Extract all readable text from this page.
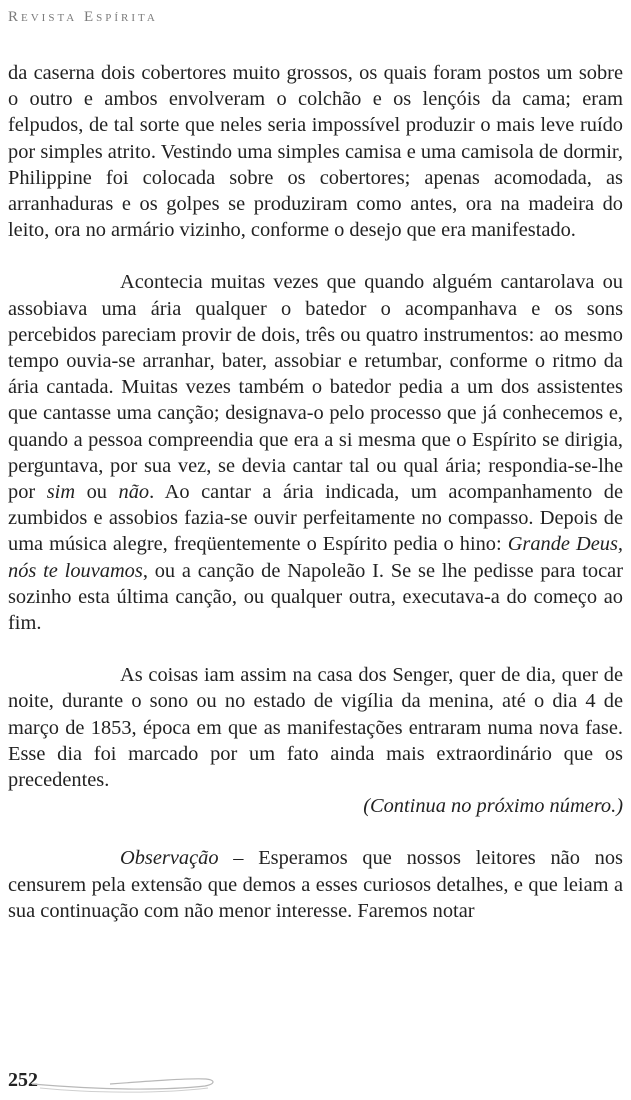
Revista Espírita

da caserna dois cobertores muito grossos, os quais foram postos um sobre o outro e ambos envolveram o colchão e os lençóis da cama; eram felpudos, de tal sorte que neles seria impossível produzir o mais leve ruído por simples atrito. Vestindo uma simples camisa e uma camisola de dormir, Philippine foi colocada sobre os cobertores; apenas acomodada, as arranhaduras e os golpes se produziram como antes, ora na madeira do leito, ora no armário vizinho, conforme o desejo que era manifestado.

Acontecia muitas vezes que quando alguém cantarolava ou assobiava uma ária qualquer o batedor o acompanhava e os sons percebidos pareciam provir de dois, três ou quatro instrumentos: ao mesmo tempo ouvia-se arranhar, bater, assobiar e retumbar, conforme o ritmo da ária cantada. Muitas vezes também o batedor pedia a um dos assistentes que cantasse uma canção; designava-o pelo processo que já conhecemos e, quando a pessoa compreendia que era a si mesma que o Espírito se dirigia, perguntava, por sua vez, se devia cantar tal ou qual ária; respondia-se-lhe por sim ou não. Ao cantar a ária indicada, um acompanhamento de zumbidos e assobios fazia-se ouvir perfeitamente no compasso. Depois de uma música alegre, freqüentemente o Espírito pedia o hino: Grande Deus, nós te louvamos, ou a canção de Napoleão I. Se se lhe pedisse para tocar sozinho esta última canção, ou qualquer outra, executava-a do começo ao fim.

As coisas iam assim na casa dos Senger, quer de dia, quer de noite, durante o sono ou no estado de vigília da menina, até o dia 4 de março de 1853, época em que as manifestações entraram numa nova fase. Esse dia foi marcado por um fato ainda mais extraordinário que os precedentes.

(Continua no próximo número.)

Observação – Esperamos que nossos leitores não nos censurem pela extensão que demos a esses curiosos detalhes, e que leiam a sua continuação com não menor interesse. Faremos notar

252
